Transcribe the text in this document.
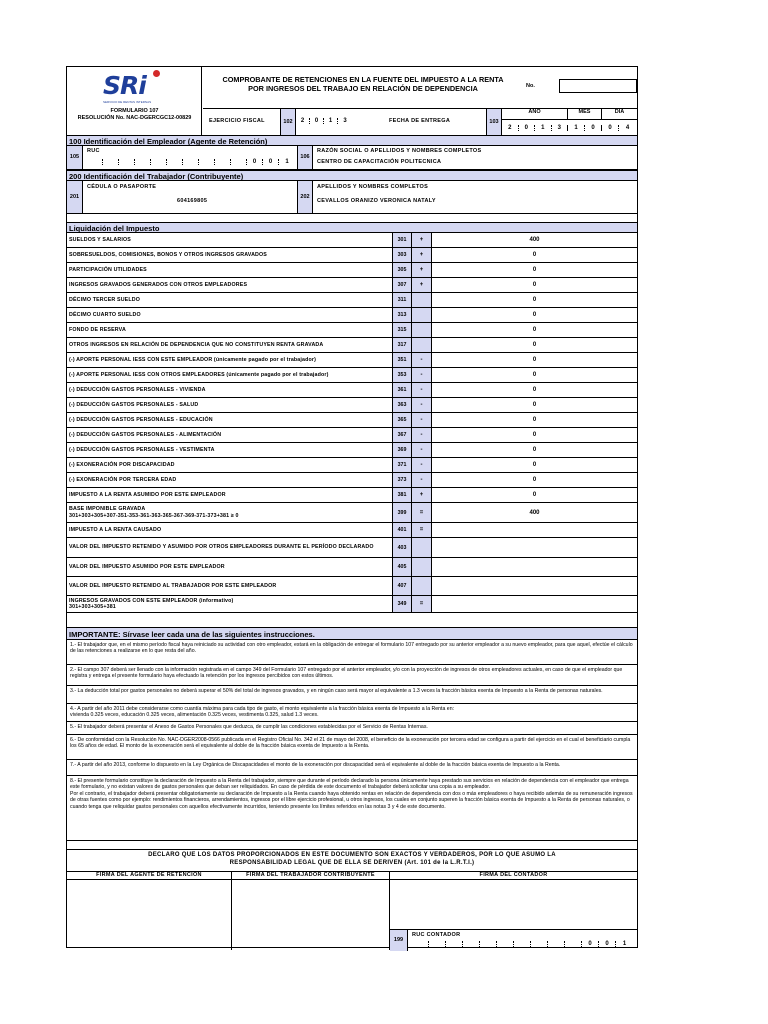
SRi
SERVICIO DE RENTAS INTERNAS
FORMULARIO 107
RESOLUCIÓN No. NAC-DGERCGC12-00829
COMPROBANTE DE RETENCIONES EN LA FUENTE DEL IMPUESTO A LA RENTA
POR INGRESOS DEL TRABAJO EN RELACIÓN DE DEPENDENCIA	No.
EJERCICIO FISCAL	102	2	0	1	3	FECHA DE ENTREGA	103
AÑO	MES	DÍA
2	0	1	3	1	0	0	4
100 Identificación del Empleador (Agente de Retención)
105
RUC
0	0	1
106
RAZÓN SOCIAL O APELLIDOS Y NOMBRES COMPLETOS
CENTRO DE CAPACITACIÓN POLITECNICA
200 Identificación del Trabajador (Contribuyente)
201
CÉDULA O PASAPORTE
604169805
202
APELLIDOS Y NOMBRES COMPLETOS
CEVALLOS ORANIZO VERONICA NATALY
Liquidación del Impuesto
SUELDOS Y SALARIOS	301	+	400
SOBRESUELDOS, COMISIONES, BONOS Y OTROS INGRESOS GRAVADOS	303	+	0
PARTICIPACIÓN UTILIDADES	305	+	0
INGRESOS GRAVADOS GENERADOS CON OTROS EMPLEADORES	307	+	0
DÉCIMO TERCER SUELDO	311	0
DÉCIMO CUARTO SUELDO	313	0
FONDO DE RESERVA	315	0
OTROS INGRESOS EN RELACIÓN DE DEPENDENCIA QUE NO CONSTITUYEN RENTA GRAVADA	317	0
(-) APORTE PERSONAL IESS CON ESTE EMPLEADOR (únicamente pagado por el trabajador)	351	-	0
(-) APORTE PERSONAL IESS CON OTROS EMPLEADORES (únicamente pagado por el trabajador)	353	-	0
(-) DEDUCCIÓN GASTOS PERSONALES - VIVIENDA	361	-	0
(-) DEDUCCIÓN GASTOS PERSONALES - SALUD	363	-	0
(-) DEDUCCIÓN GASTOS PERSONALES - EDUCACIÓN	365	-	0
(-) DEDUCCIÓN GASTOS PERSONALES - ALIMENTACIÓN	367	-	0
(-) DEDUCCIÓN GASTOS PERSONALES - VESTIMENTA	369	-	0
(-) EXONERACIÓN POR DISCAPACIDAD	371	-	0
(-) EXONERACIÓN POR TERCERA EDAD	373	-	0
IMPUESTO A LA RENTA ASUMIDO POR ESTE EMPLEADOR	381	+	0
BASE IMPONIBLE GRAVADA
301+303+305+307-351-353-361-363-365-367-369-371-373+381 ≥ 0	399	=	400
IMPUESTO A LA RENTA CAUSADO	401	=
VALOR DEL IMPUESTO RETENIDO Y ASUMIDO POR OTROS EMPLEADORES DURANTE EL PERÍODO DECLARADO	403
VALOR DEL IMPUESTO ASUMIDO POR ESTE EMPLEADOR	405
VALOR DEL IMPUESTO RETENIDO AL TRABAJADOR POR ESTE EMPLEADOR	407
INGRESOS GRAVADOS CON ESTE EMPLEADOR (informativo)
301+303+305+381	349	=
IMPORTANTE: Sírvase leer cada una de las siguientes instrucciones.
1.- El trabajador que, en el mismo período fiscal haya reiniciado su actividad con otro empleador, estará en la obligación de entregar el formulario 107 entregado por su anterior empleador a su nuevo empleador, para que aquel, efectúe el cálculo de las retenciones a realizarse en lo que resta del año.
2.- El campo 307 deberá ser llenado con la información registrada en el campo 349 del Formulario 107 entregado por el anterior empleador, y/o con la proyección de ingresos de otros empleadores actuales, en caso de que el empleador que registra y entrega el presente formulario haya efectuado la retención por los ingresos percibidos con estos últimos.
3.- La deducción total por gastos personales no deberá superar el 50% del total de ingresos gravados, y en ningún caso será mayor al equivalente a 1.3 veces la fracción básica exenta de Impuesto a la Renta de personas naturales.
4.- A partir del año 2011 debe considerarse como cuantía máxima para cada tipo de gasto, el monto equivalente a la fracción básica exenta de Impuesto a la Renta en:
vivienda 0.325 veces, educación 0.325 veces, alimentación 0.325 veces, vestimenta 0.325, salud 1.3 veces.
5.- El trabajador deberá presentar el Anexo de Gastos Personales que deduzca, de cumplir las condiciones establecidas por el Servicio de Rentas Internas.
6.- De conformidad con la Resolución No. NAC-DGER2008-0566 publicada en el Registro Oficial No. 342 el 21 de mayo del 2008, el beneficio de la exoneración por tercera edad se configura a partir del ejercicio en el cual el beneficiario cumpla los 65 años de edad. El monto de la exoneración será el equivalente al doble de la fracción básica exenta de Impuesto a la Renta.
7.- A partir del año 2013, conforme lo dispuesto en la Ley Orgánica de Discapacidades el monto de la exoneración por discapacidad será el equivalente al doble de la fracción básica exenta de Impuesto a la Renta.
8.- El presente formulario constituye la declaración de Impuesto a la Renta del trabajador, siempre que durante el período declarado la persona únicamente haya prestado sus servicios en relación de dependencia con el empleador que entrega este formulario, y no existan valores de gastos personales que deban ser reliquidados. En caso de pérdida de este documento el trabajador deberá solicitar una copia a su empleador.
Por el contrario, el trabajador deberá presentar obligatoriamente su declaración de Impuesto a la Renta cuando haya obtenido rentas en relación de dependencia con dos o más empleadores o haya recibido además de su remuneración ingresos de otras fuentes como por ejemplo: rendimientos financieros, arrendamientos, ingresos por el libre ejercicio profesional, u otros ingresos, los cuales en conjunto superen la fracción básica exenta de Impuesto a la Renta de personas naturales, o cuando tenga que reliquidar gastos personales con aquellos efectivamente incurridos, teniendo presente los límites referidos en las notas 3 y 4 de este documento.
DECLARO QUE LOS DATOS PROPORCIONADOS EN ESTE DOCUMENTO SON EXACTOS Y VERDADEROS, POR LO QUE ASUMO LA RESPONSABILIDAD LEGAL QUE DE ELLA SE DERIVEN (Art. 101 de la L.R.T.I.)
FIRMA DEL AGENTE DE RETENCIÓN	FIRMA DEL TRABAJADOR CONTRIBUYENTE	FIRMA DEL CONTADOR
199
RUC CONTADOR
0	0	1
